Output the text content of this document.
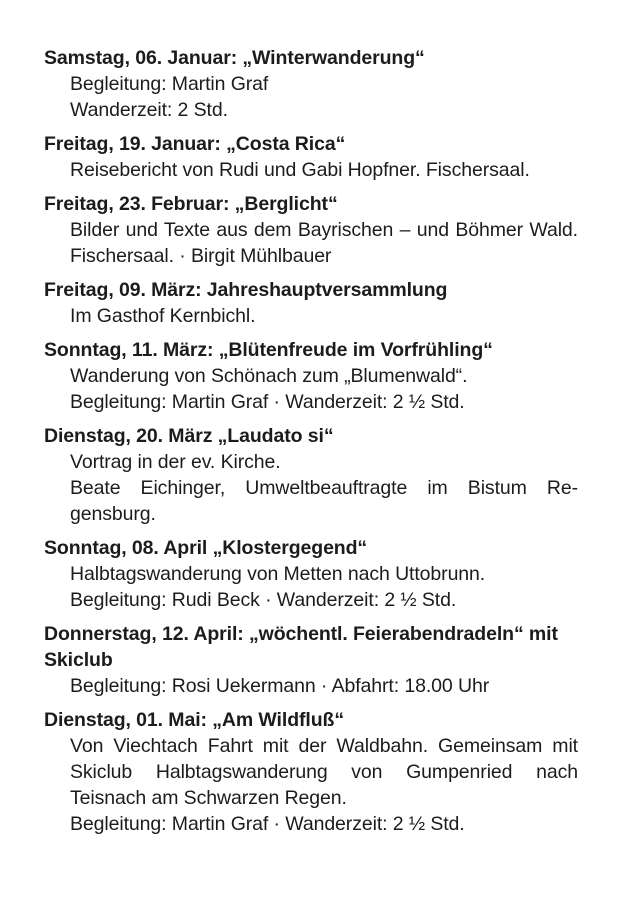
Samstag, 06. Januar: „Winterwanderung“
Begleitung: Martin Graf
Wanderzeit: 2 Std.
Freitag, 19. Januar: „Costa Rica“
Reisebericht von Rudi und Gabi Hopfner. Fischersaal.
Freitag, 23. Februar: „Berglicht“
Bilder und Texte aus dem Bayrischen – und Böhmer Wald. Fischersaal. · Birgit Mühlbauer
Freitag, 09. März: Jahreshauptversammlung
Im Gasthof Kernbichl.
Sonntag, 11. März: „Blütenfreude im Vorfrühling“
Wanderung von Schönach zum „Blumenwald“.
Begleitung: Martin Graf · Wanderzeit: 2 ½ Std.
Dienstag, 20. März „Laudato si“
Vortrag in der ev. Kirche.
Beate Eichinger, Umweltbeauftragte im Bistum Re-gensburg.
Sonntag, 08. April „Klostergegend“
Halbtagswanderung von Metten nach Uttobrunn.
Begleitung: Rudi Beck · Wanderzeit: 2 ½ Std.
Donnerstag, 12. April: „wöchentl. Feierabendradeln“ mit Skiclub
Begleitung: Rosi Uekermann · Abfahrt: 18.00 Uhr
Dienstag, 01. Mai: „Am Wildfluß“
Von Viechtach Fahrt mit der Waldbahn. Gemeinsam mit Skiclub Halbtagswanderung von Gumpenried nach Teisnach am Schwarzen Regen.
Begleitung: Martin Graf · Wanderzeit: 2 ½ Std.
